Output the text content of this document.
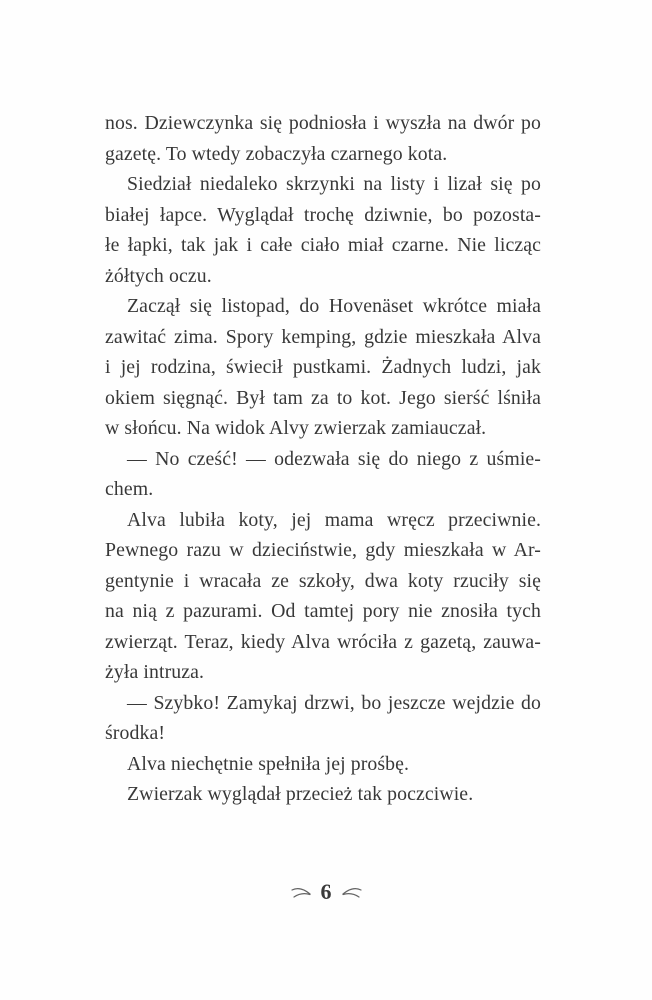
nos. Dziewczynka się podniosła i wyszła na dwór po
gazetę. To wtedy zobaczyła czarnego kota.
Siedział niedaleko skrzynki na listy i lizał się po
białej łapce. Wyglądał trochę dziwnie, bo pozosta-
łe łapki, tak jak i całe ciało miał czarne. Nie licząc
żółtych oczu.
Zaczął się listopad, do Hovenäset wkrótce miała
zawitać zima. Spory kemping, gdzie mieszkała Alva
i jej rodzina, świecił pustkami. Żadnych ludzi, jak
okiem sięgnąć. Był tam za to kot. Jego sierść lśniła
w słońcu. Na widok Alvy zwierzak zamiauczał.
— No cześć! — odezwała się do niego z uśmie-
chem.
Alva lubiła koty, jej mama wręcz przeciwnie.
Pewnego razu w dzieciństwie, gdy mieszkała w Ar-
gentynie i wracała ze szkoły, dwa koty rzuciły się
na nią z pazurami. Od tamtej pory nie znosiła tych
zwierząt. Teraz, kiedy Alva wróciła z gazetą, zauwa-
żyła intruza.
— Szybko! Zamykaj drzwi, bo jeszcze wejdzie do
środka!
Alva niechętnie spełniła jej prośbę.
Zwierzak wyglądał przecież tak poczciwie.
6
